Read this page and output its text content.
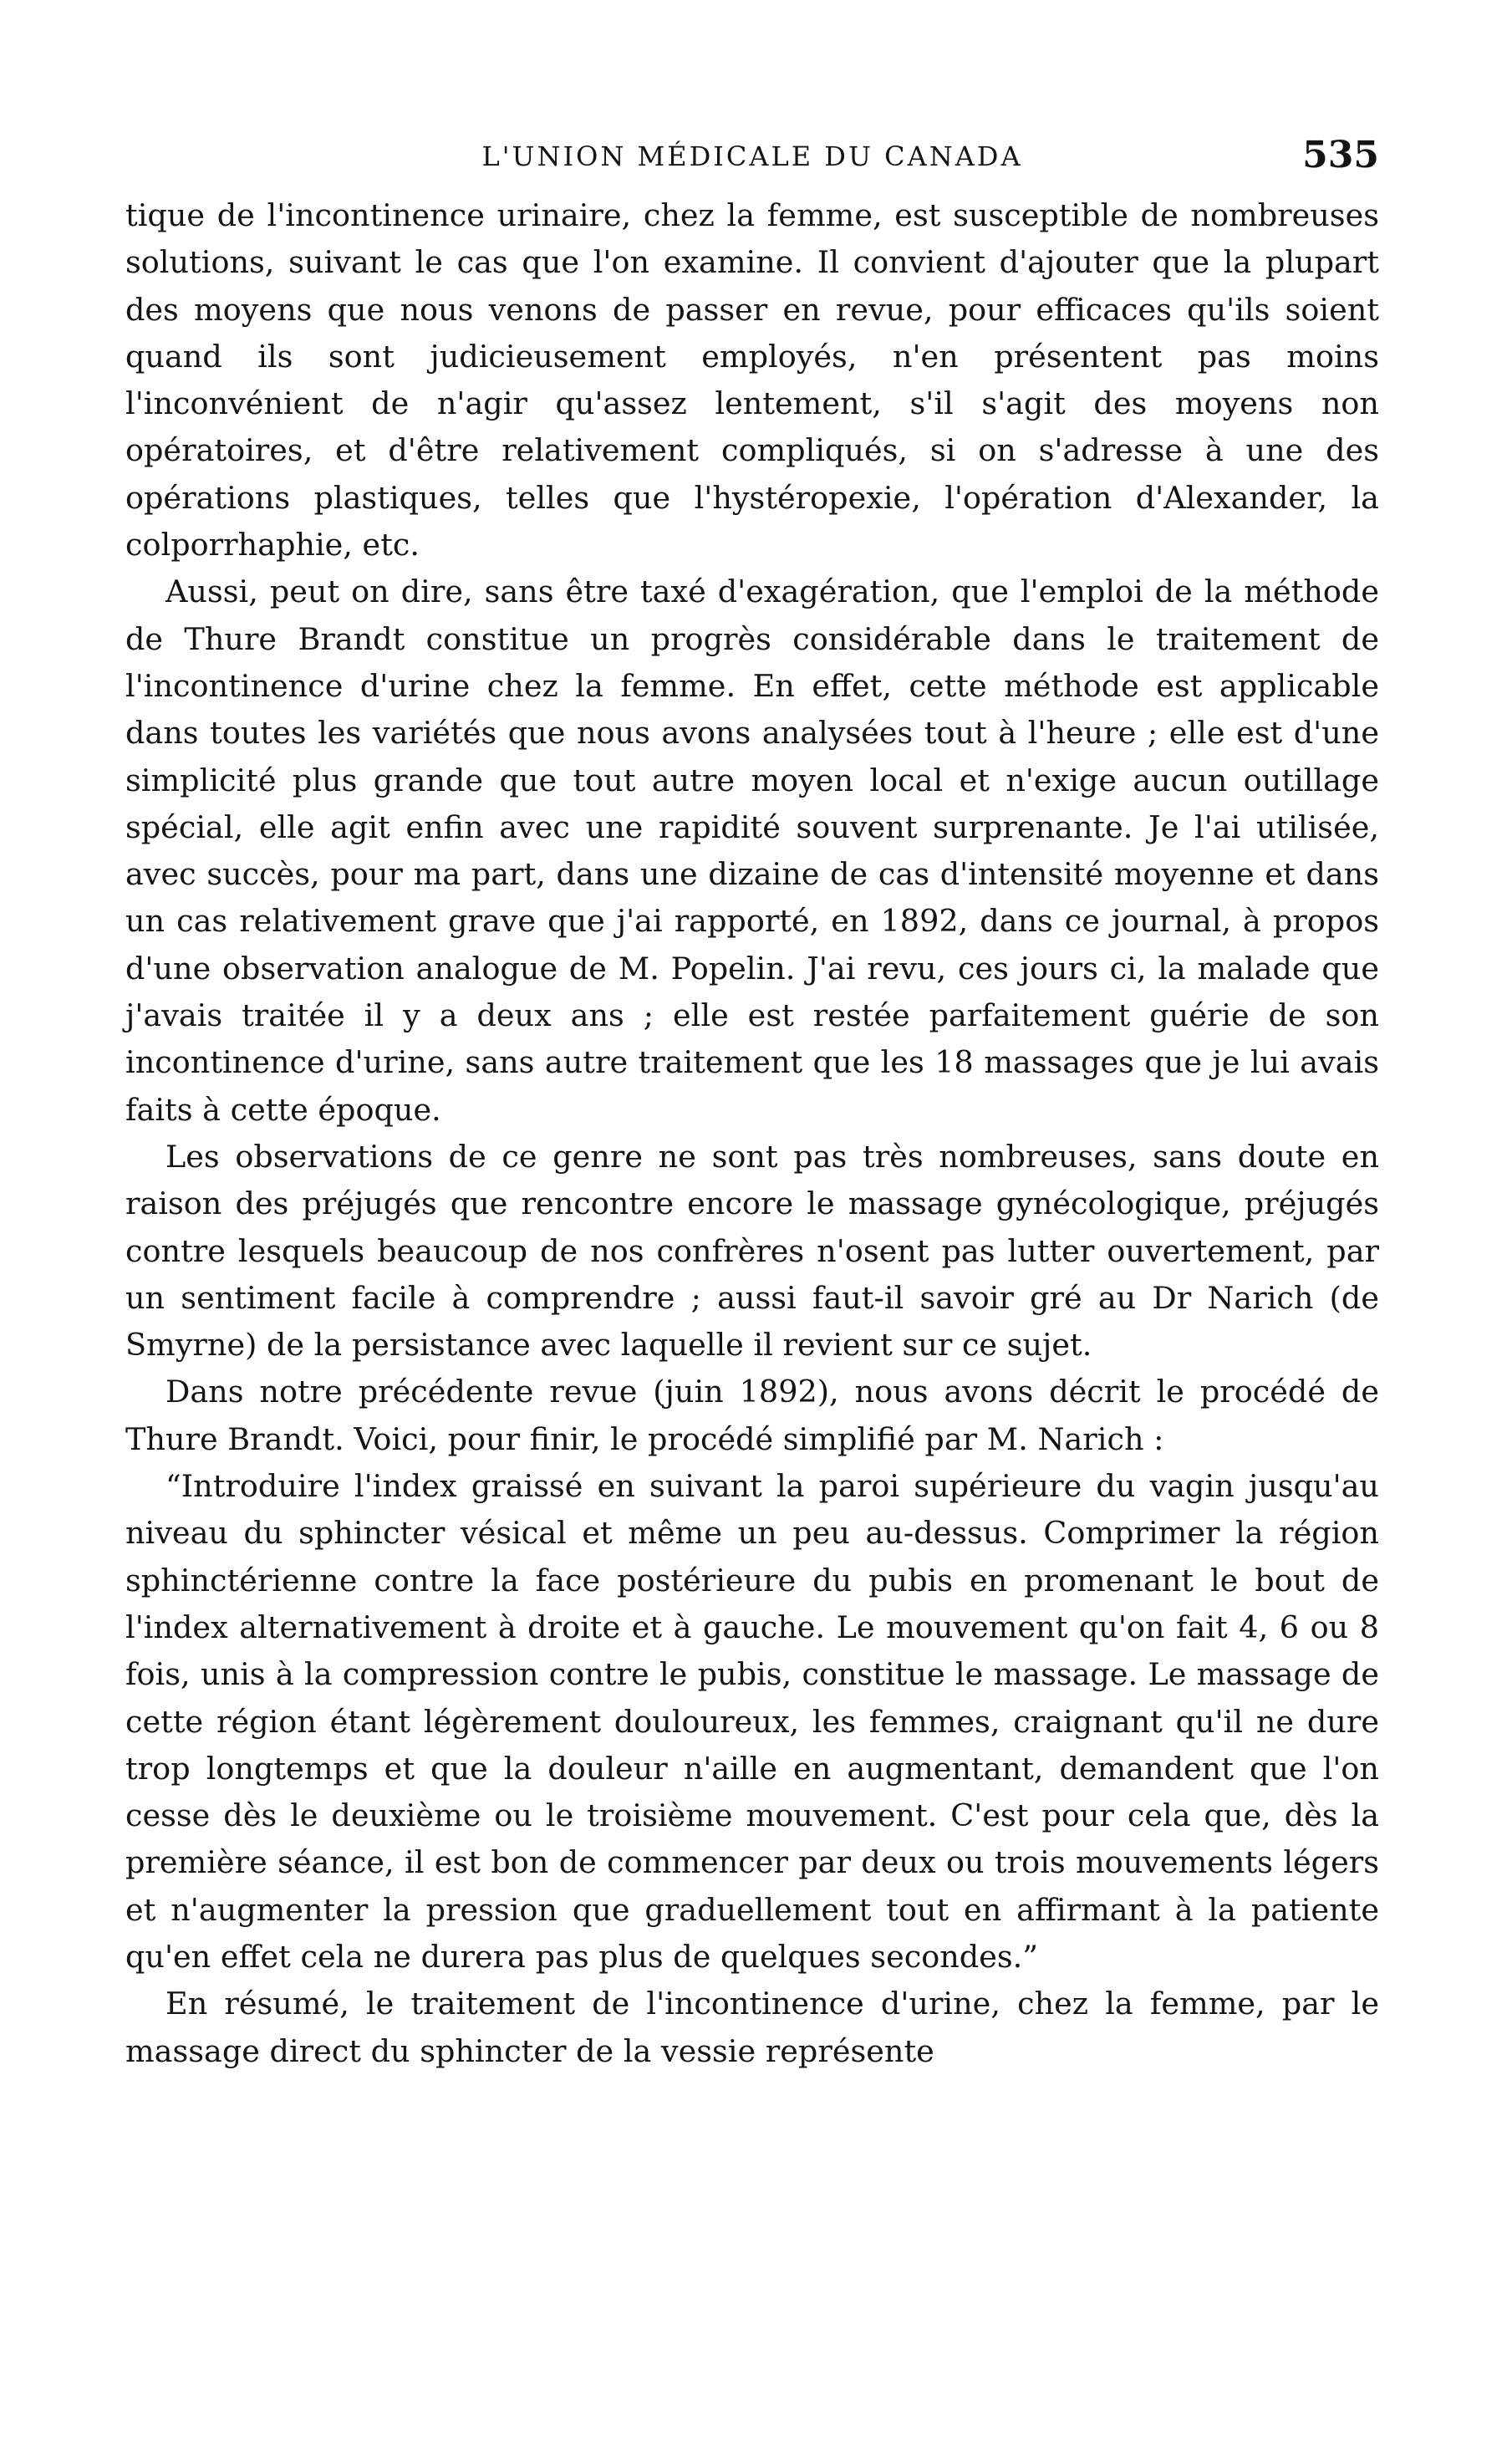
L'UNION MÉDICALE DU CANADA	535

tique de l'incontinence urinaire, chez la femme, est susceptible de nombreuses solutions, suivant le cas que l'on examine. Il convient d'ajouter que la plupart des moyens que nous venons de passer en revue, pour efficaces qu'ils soient quand ils sont judicieusement employés, n'en présentent pas moins l'inconvénient de n'agir qu'assez lentement, s'il s'agit des moyens non opératoires, et d'être relativement compliqués, si on s'adresse à une des opérations plastiques, telles que l'hystéropexie, l'opération d'Alexander, la colporrhaphie, etc.

Aussi, peut on dire, sans être taxé d'exagération, que l'emploi de la méthode de Thure Brandt constitue un progrès considérable dans le traitement de l'incontinence d'urine chez la femme. En effet, cette méthode est applicable dans toutes les variétés que nous avons analysées tout à l'heure ; elle est d'une simplicité plus grande que tout autre moyen local et n'exige aucun outillage spécial, elle agit enfin avec une rapidité souvent surprenante. Je l'ai utilisée, avec succès, pour ma part, dans une dizaine de cas d'intensité moyenne et dans un cas relativement grave que j'ai rapporté, en 1892, dans ce journal, à propos d'une observation analogue de M. Popelin. J'ai revu, ces jours ci, la malade que j'avais traitée il y a deux ans ; elle est restée parfaitement guérie de son incontinence d'urine, sans autre traitement que les 18 massages que je lui avais faits à cette époque.

Les observations de ce genre ne sont pas très nombreuses, sans doute en raison des préjugés que rencontre encore le massage gynécologique, préjugés contre lesquels beaucoup de nos confrères n'osent pas lutter ouvertement, par un sentiment facile à comprendre ; aussi faut-il savoir gré au Dr Narich (de Smyrne) de la persistance avec laquelle il revient sur ce sujet.

Dans notre précédente revue (juin 1892), nous avons décrit le procédé de Thure Brandt. Voici, pour finir, le procédé simplifié par M. Narich :

“Introduire l'index graissé en suivant la paroi supérieure du vagin jusqu'au niveau du sphincter vésical et même un peu au-dessus. Comprimer la région sphinctérienne contre la face postérieure du pubis en promenant le bout de l'index alternativement à droite et à gauche. Le mouvement qu'on fait 4, 6 ou 8 fois, unis à la compression contre le pubis, constitue le massage. Le massage de cette région étant légèrement douloureux, les femmes, craignant qu'il ne dure trop longtemps et que la douleur n'aille en augmentant, demandent que l'on cesse dès le deuxième ou le troisième mouvement. C'est pour cela que, dès la première séance, il est bon de commencer par deux ou trois mouvements légers et n'augmenter la pression que graduellement tout en affirmant à la patiente qu'en effet cela ne durera pas plus de quelques secondes.”

En résumé, le traitement de l'incontinence d'urine, chez la femme, par le massage direct du sphincter de la vessie représente
